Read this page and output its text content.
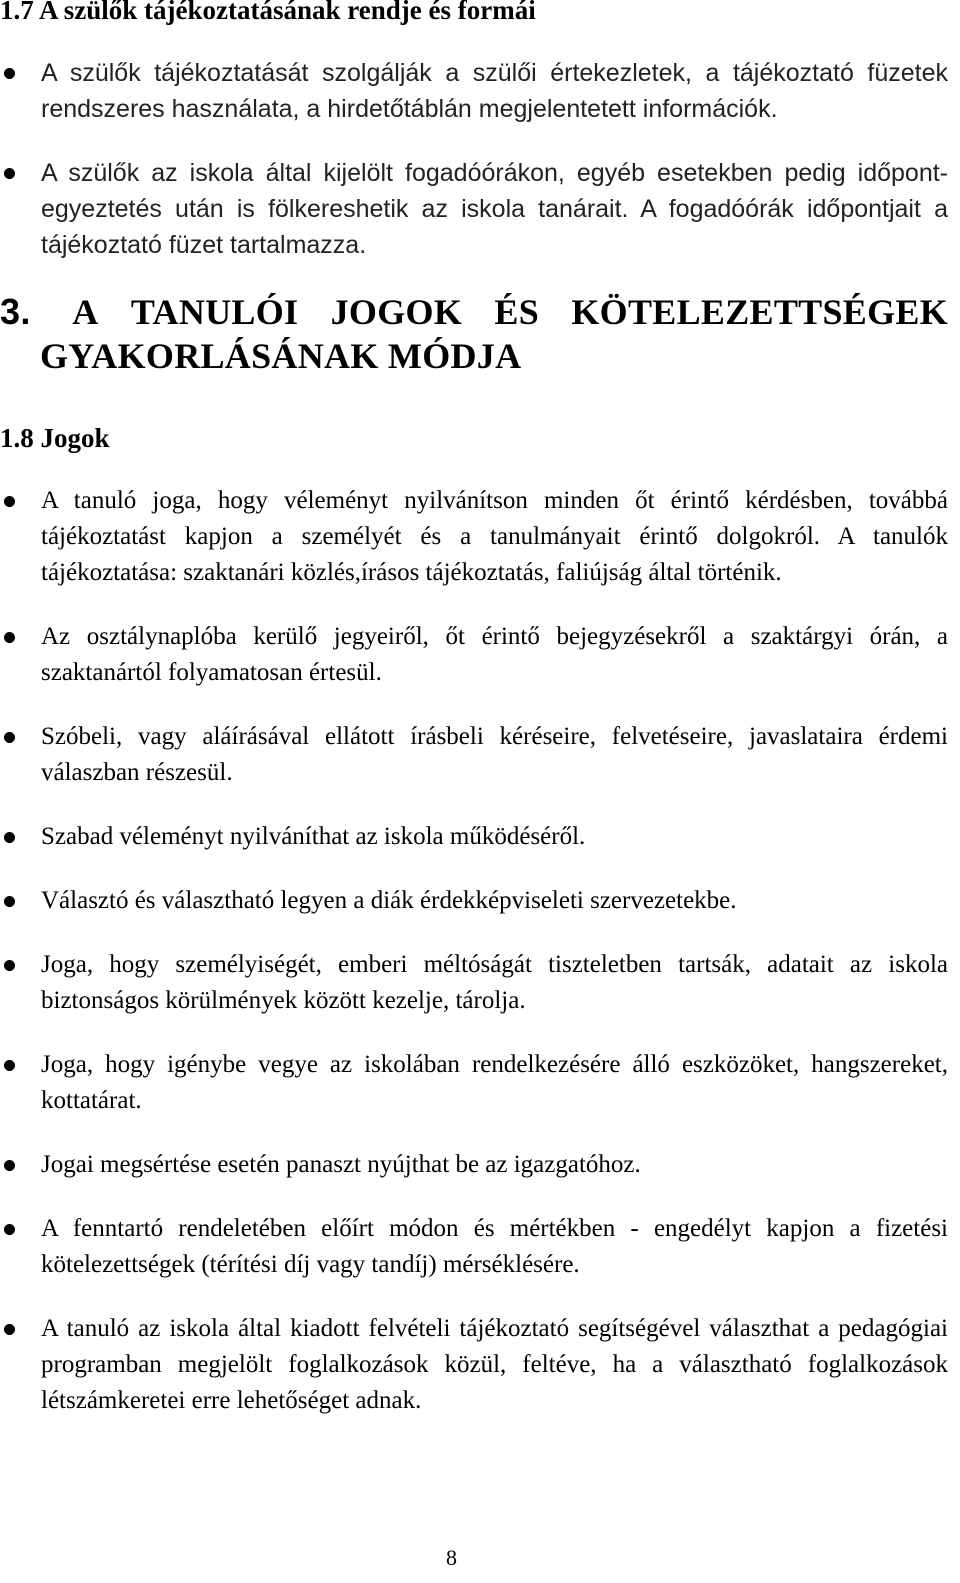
1.7 A szülők tájékoztatásának rendje és formái
A szülők tájékoztatását szolgálják a szülői értekezletek, a tájékoztató füzetek rendszeres használata, a hirdetőtáblán megjelentetett információk.
A szülők az iskola által kijelölt fogadóórákon, egyéb esetekben pedig időpont-egyeztetés után is fölkereshetik az iskola tanárait. A fogadóórák időpontjait a tájékoztató füzet tartalmazza.
3. A TANULÓI JOGOK ÉS KÖTELEZETTSÉGEK
GYAKORLÁSÁNAK MÓDJA
1.8 Jogok
A tanuló joga, hogy véleményt nyilvánítson minden őt érintő kérdésben, továbbá tájékoztatást kapjon a személyét és a tanulmányait érintő dolgokról. A tanulók tájékoztatása: szaktanári közlés,írásos tájékoztatás, faliújság által történik.
Az osztálynaplóba kerülő jegyeiről, őt érintő bejegyzésekről a szaktárgyi órán, a szaktanártól folyamatosan értesül.
Szóbeli, vagy aláírásával ellátott írásbeli kéréseire, felvetéseire, javaslataira érdemi válaszban részesül.
Szabad véleményt nyilváníthat az iskola működéséről.
Választó és választható legyen a diák érdekképviseleti szervezetekbe.
Joga, hogy személyiségét, emberi méltóságát tiszteletben tartsák, adatait az iskola biztonságos körülmények között kezelje, tárolja.
Joga, hogy igénybe vegye az iskolában rendelkezésére álló eszközöket, hangszereket, kottatárat.
Jogai megsértése esetén panaszt nyújthat be az igazgatóhoz.
A fenntartó rendeletében előírt módon és mértékben - engedélyt kapjon a fizetési kötelezettségek (térítési díj vagy tandíj) mérséklésére.
A tanuló az iskola által kiadott felvételi tájékoztató segítségével választhat a pedagógiai programban megjelölt foglalkozások közül, feltéve, ha a választható foglalkozások létszámkeretei erre lehetőséget adnak.
8
